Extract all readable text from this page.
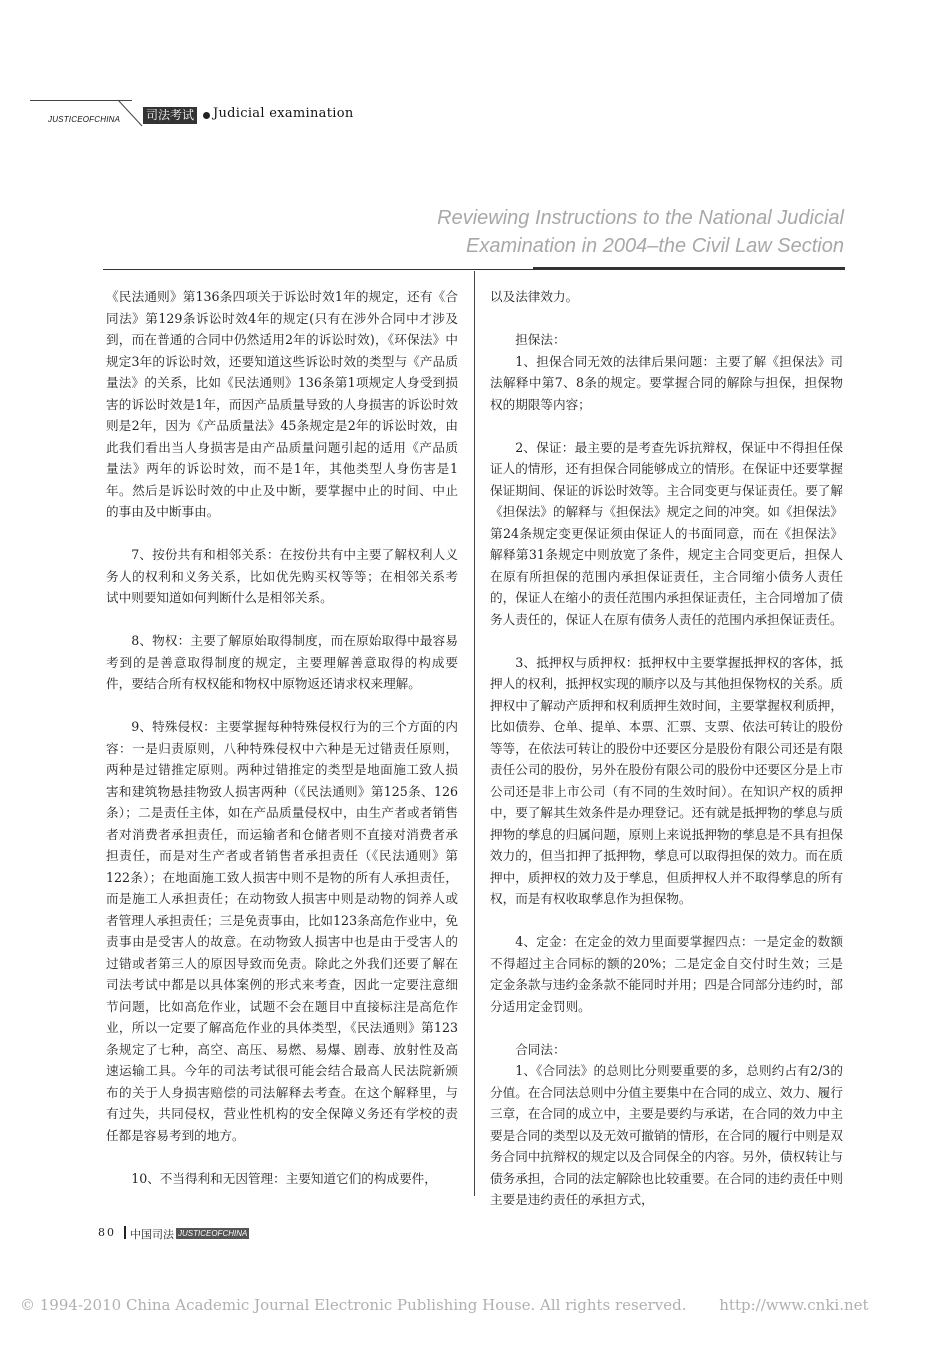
JUSTICEOFCHINA 司法考试 Judicial examination
Reviewing Instructions to the National Judicial
Examination in 2004–the Civil Law Section

《民法通则》第136条四项关于诉讼时效1年的规定，还有《合同法》第129条诉讼时效4年的规定(只有在涉外合同中才涉及到，而在普通的合同中仍然适用2年的诉讼时效)，《环保法》中规定3年的诉讼时效，还要知道这些诉讼时效的类型与《产品质量法》的关系，比如《民法通则》136条第1项规定人身受到损害的诉讼时效是1年，而因产品质量导致的人身损害的诉讼时效则是2年，因为《产品质量法》45条规定是2年的诉讼时效，由此我们看出当人身损害是由产品质量问题引起的适用《产品质量法》两年的诉讼时效，而不是1年，其他类型人身伤害是1年。然后是诉讼时效的中止及中断，要掌握中止的时间、中止的事由及中断事由。

7、按份共有和相邻关系：在按份共有中主要了解权利人义务人的权利和义务关系，比如优先购买权等等；在相邻关系考试中则要知道如何判断什么是相邻关系。

8、物权：主要了解原始取得制度，而在原始取得中最容易考到的是善意取得制度的规定，主要理解善意取得的构成要件，要结合所有权权能和物权中原物返还请求权来理解。

9、特殊侵权：主要掌握每种特殊侵权行为的三个方面的内容：一是归责原则，八种特殊侵权中六种是无过错责任原则，两种是过错推定原则。两种过错推定的类型是地面施工致人损害和建筑物悬挂物致人损害两种（《民法通则》第125条、126条）；二是责任主体，如在产品质量侵权中，由生产者或者销售者对消费者承担责任，而运输者和仓储者则不直接对消费者承担责任，而是对生产者或者销售者承担责任（《民法通则》第122条）；在地面施工致人损害中则不是物的所有人承担责任，而是施工人承担责任；在动物致人损害中则是动物的饲养人或者管理人承担责任；三是免责事由，比如123条高危作业中，免责事由是受害人的故意。在动物致人损害中也是由于受害人的过错或者第三人的原因导致而免责。除此之外我们还要了解在司法考试中都是以具体案例的形式来考查，因此一定要注意细节问题，比如高危作业，试题不会在题目中直接标注是高危作业，所以一定要了解高危作业的具体类型，《民法通则》第123条规定了七种，高空、高压、易燃、易爆、剧毒、放射性及高速运输工具。今年的司法考试很可能会结合最高人民法院新颁布的关于人身损害赔偿的司法解释去考查。在这个解释里，与有过失，共同侵权，营业性机构的安全保障义务还有学校的责任都是容易考到的地方。

10、不当得利和无因管理：主要知道它们的构成要件，

以及法律效力。

担保法：

1、担保合同无效的法律后果问题：主要了解《担保法》司法解释中第7、8条的规定。要掌握合同的解除与担保，担保物权的期限等内容；

2、保证：最主要的是考查先诉抗辩权，保证中不得担任保证人的情形，还有担保合同能够成立的情形。在保证中还要掌握保证期间、保证的诉讼时效等。主合同变更与保证责任。要了解《担保法》的解释与《担保法》规定之间的冲突。如《担保法》第24条规定变更保证须由保证人的书面同意，而在《担保法》解释第31条规定中则放宽了条件，规定主合同变更后，担保人在原有所担保的范围内承担保证责任，主合同缩小债务人责任的，保证人在缩小的责任范围内承担保证责任，主合同增加了债务人责任的，保证人在原有债务人责任的范围内承担保证责任。

3、抵押权与质押权：抵押权中主要掌握抵押权的客体，抵押人的权利，抵押权实现的顺序以及与其他担保物权的关系。质押权中了解动产质押和权利质押生效时间，主要掌握权利质押，比如债券、仓单、提单、本票、汇票、支票、依法可转让的股份等等，在依法可转让的股份中还要区分是股份有限公司还是有限责任公司的股份，另外在股份有限公司的股份中还要区分是上市公司还是非上市公司（有不同的生效时间）。在知识产权的质押中，要了解其生效条件是办理登记。还有就是抵押物的孳息与质押物的孳息的归属问题，原则上来说抵押物的孳息是不具有担保效力的，但当扣押了抵押物，孳息可以取得担保的效力。而在质押中，质押权的效力及于孳息，但质押权人并不取得孳息的所有权，而是有权收取孳息作为担保物。

4、定金：在定金的效力里面要掌握四点：一是定金的数额不得超过主合同标的额的20%；二是定金自交付时生效；三是定金条款与违约金条款不能同时并用；四是合同部分违约时，部分适用定金罚则。

合同法：

1、《合同法》的总则比分则要重要的多，总则约占有2/3的分值。在合同法总则中分值主要集中在合同的成立、效力、履行三章，在合同的成立中，主要是要约与承诺，在合同的效力中主要是合同的类型以及无效可撤销的情形，在合同的履行中则是双务合同中抗辩权的规定以及合同保全的内容。另外，债权转让与债务承担，合同的法定解除也比较重要。在合同的违约责任中则主要是违约责任的承担方式，

80 中国司法 JUSTICEOFCHINA
© 1994-2010 China Academic Journal Electronic Publishing House. All rights reserved. http://www.cnki.net
